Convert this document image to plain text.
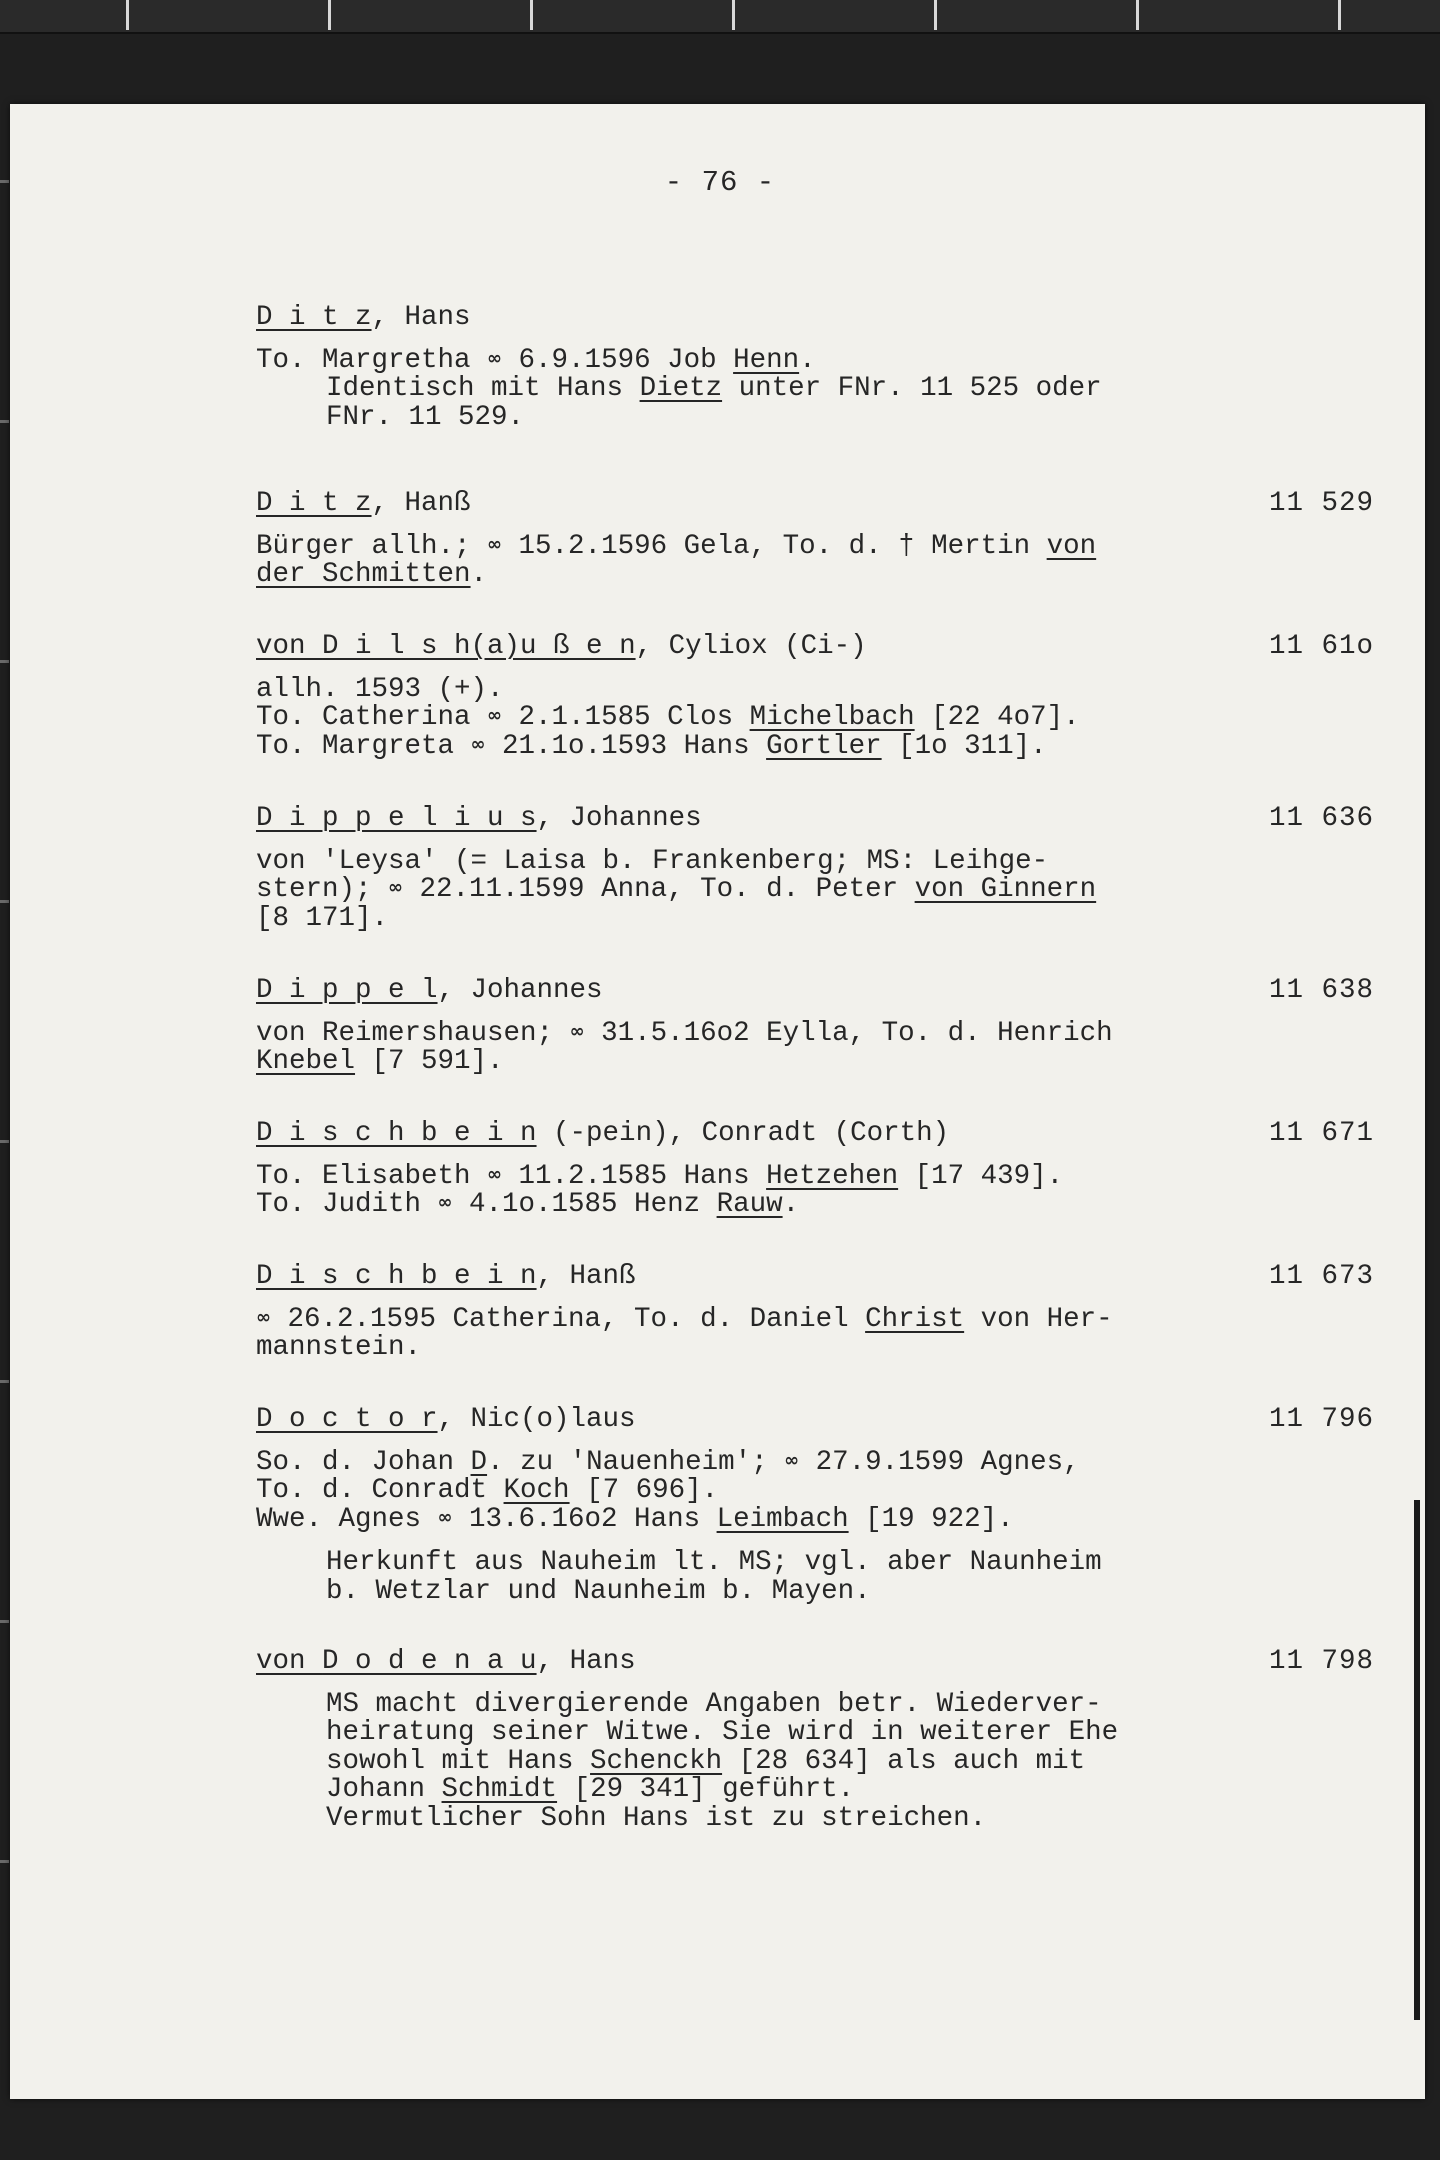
- 76 -
D i t z, Hans
To. Margretha ∞ 6.9.1596 Job Henn.
Identisch mit Hans Dietz unter FNr. 11 525 oder
FNr. 11 529.
D i t z, Hanß	11 529
Bürger allh.; ∞ 15.2.1596 Gela, To. d. † Mertin von
der Schmitten.
von D i l s h(a)u ß e n, Cyliox (Ci-)	11 61o
allh. 1593 (+).
To. Catherina ∞ 2.1.1585 Clos Michelbach [22 4o7].
To. Margreta ∞ 21.1o.1593 Hans Gortler [1o 311].
D i p p e l i u s, Johannes	11 636
von 'Leysa' (= Laisa b. Frankenberg; MS: Leihge-
stern); ∞ 22.11.1599 Anna, To. d. Peter von Ginnern
[8 171].
D i p p e l, Johannes	11 638
von Reimershausen; ∞ 31.5.16o2 Eylla, To. d. Henrich
Knebel [7 591].
D i s c h b e i n (-pein), Conradt (Corth)	11 671
To. Elisabeth ∞ 11.2.1585 Hans Hetzehen [17 439].
To. Judith ∞ 4.1o.1585 Henz Rauw.
D i s c h b e i n, Hanß	11 673
∞ 26.2.1595 Catherina, To. d. Daniel Christ von Her-
mannstein.
D o c t o r, Nic(o)laus	11 796
So. d. Johan D. zu 'Nauenheim'; ∞ 27.9.1599 Agnes,
To. d. Conradt Koch [7 696].
Wwe. Agnes ∞ 13.6.16o2 Hans Leimbach [19 922].
Herkunft aus Nauheim lt. MS; vgl. aber Naunheim
b. Wetzlar und Naunheim b. Mayen.
von D o d e n a u, Hans	11 798
MS macht divergierende Angaben betr. Wiederver-
heiratung seiner Witwe. Sie wird in weiterer Ehe
sowohl mit Hans Schenckh [28 634] als auch mit
Johann Schmidt [29 341] geführt.
Vermutlicher Sohn Hans ist zu streichen.
